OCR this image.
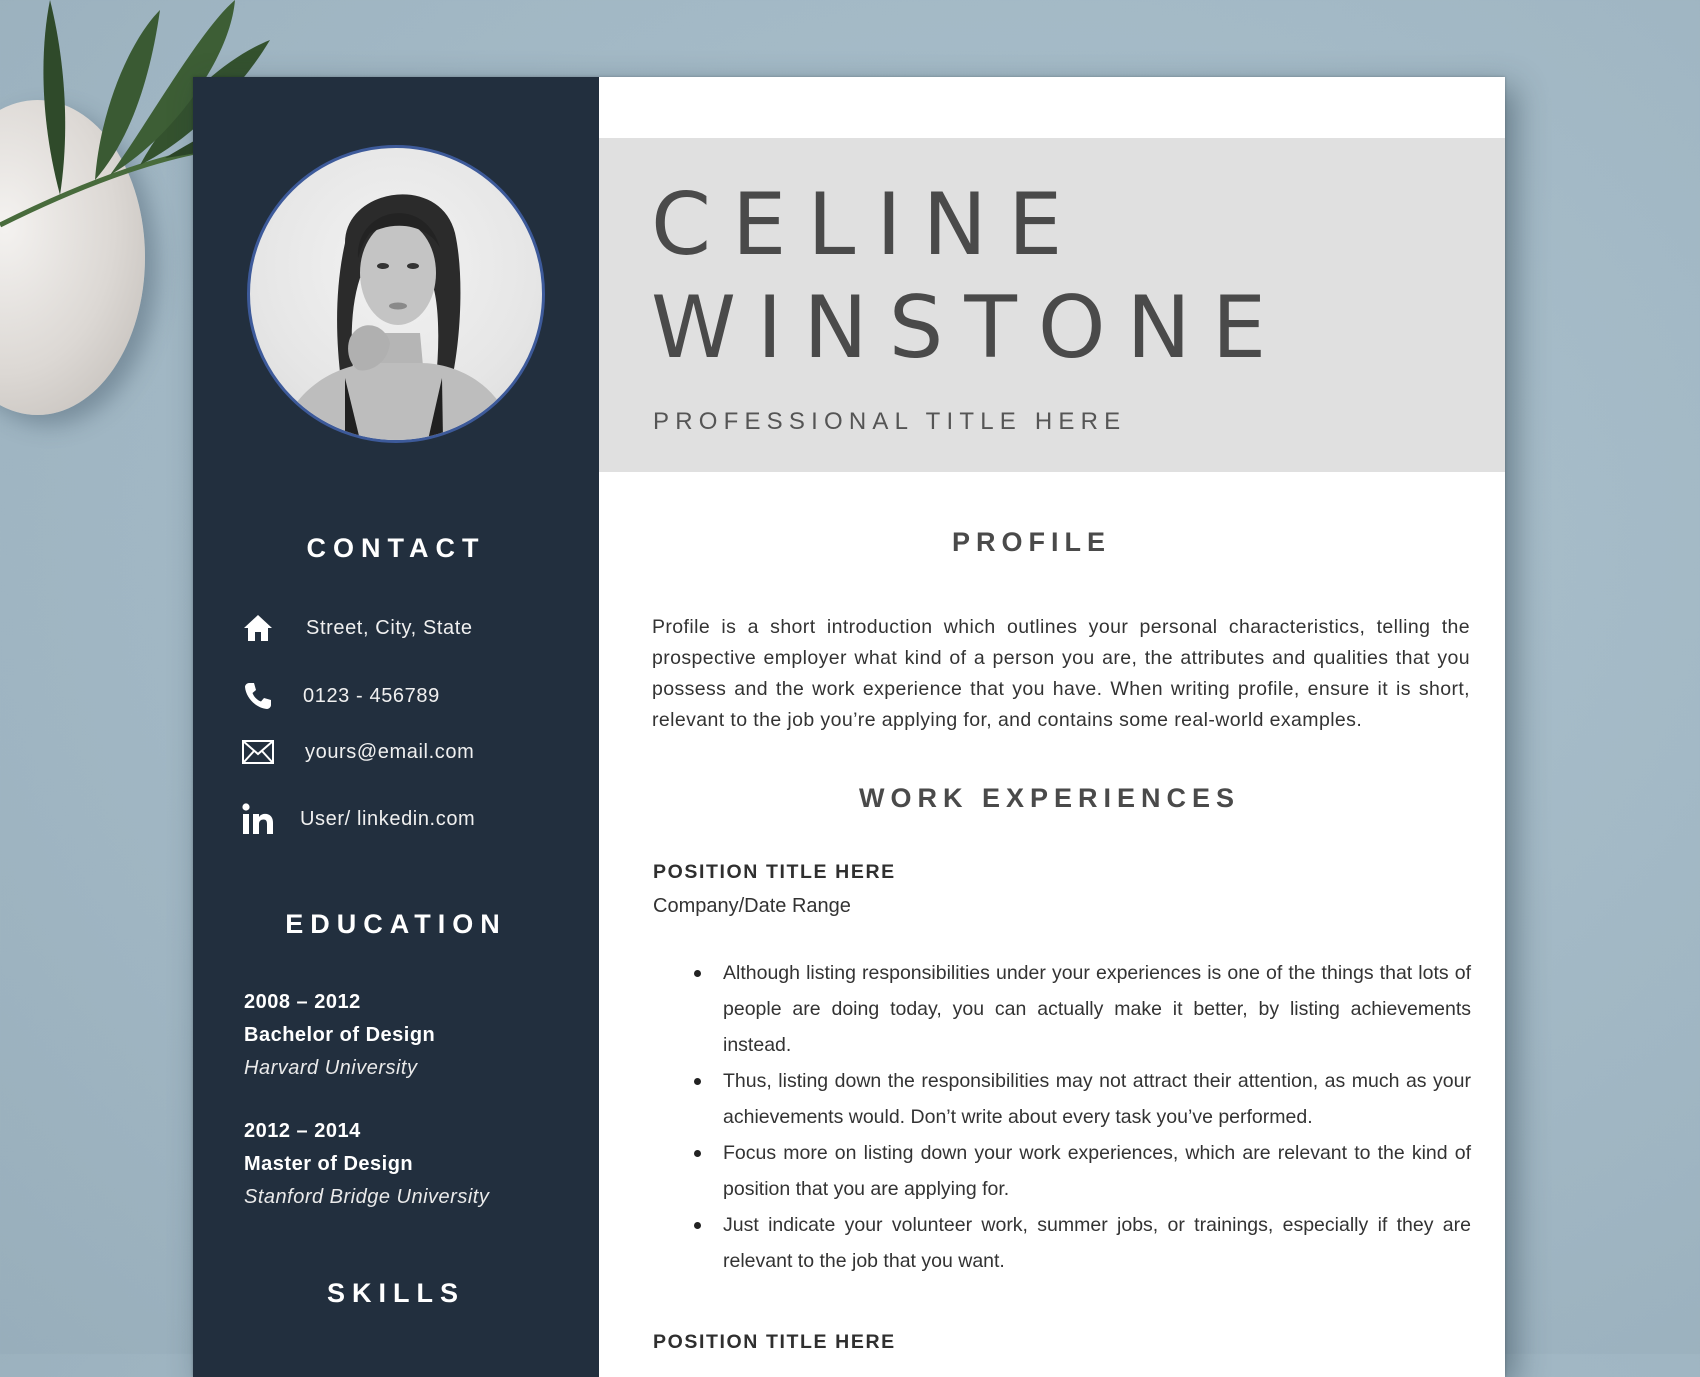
CONTACT
Street, City, State
0123 - 456789
yours@email.com
User/ linkedin.com
EDUCATION
2008 – 2012
Bachelor of Design
Harvard University
2012 – 2014
Master of Design
Stanford Bridge University
SKILLS
CELINE
WINSTONE
PROFESSIONAL TITLE HERE
PROFILE
Profile is a short introduction which outlines your personal characteristics, telling the prospective employer what kind of a person you are, the attributes and qualities that you possess and the work experience that you have. When writing profile, ensure it is short, relevant to the job you’re applying for, and contains some real-world examples.
WORK EXPERIENCES
POSITION TITLE HERE
Company/Date Range
Although listing responsibilities under your experiences is one of the things that lots of people are doing today, you can actually make it better, by listing achievements instead.
Thus, listing down the responsibilities may not attract their attention, as much as your achievements would. Don’t write about every task you’ve performed.
Focus more on listing down your work experiences, which are relevant to the kind of position that you are applying for.
Just indicate your volunteer work, summer jobs, or trainings, especially if they are relevant to the job that you want.
POSITION TITLE HERE
